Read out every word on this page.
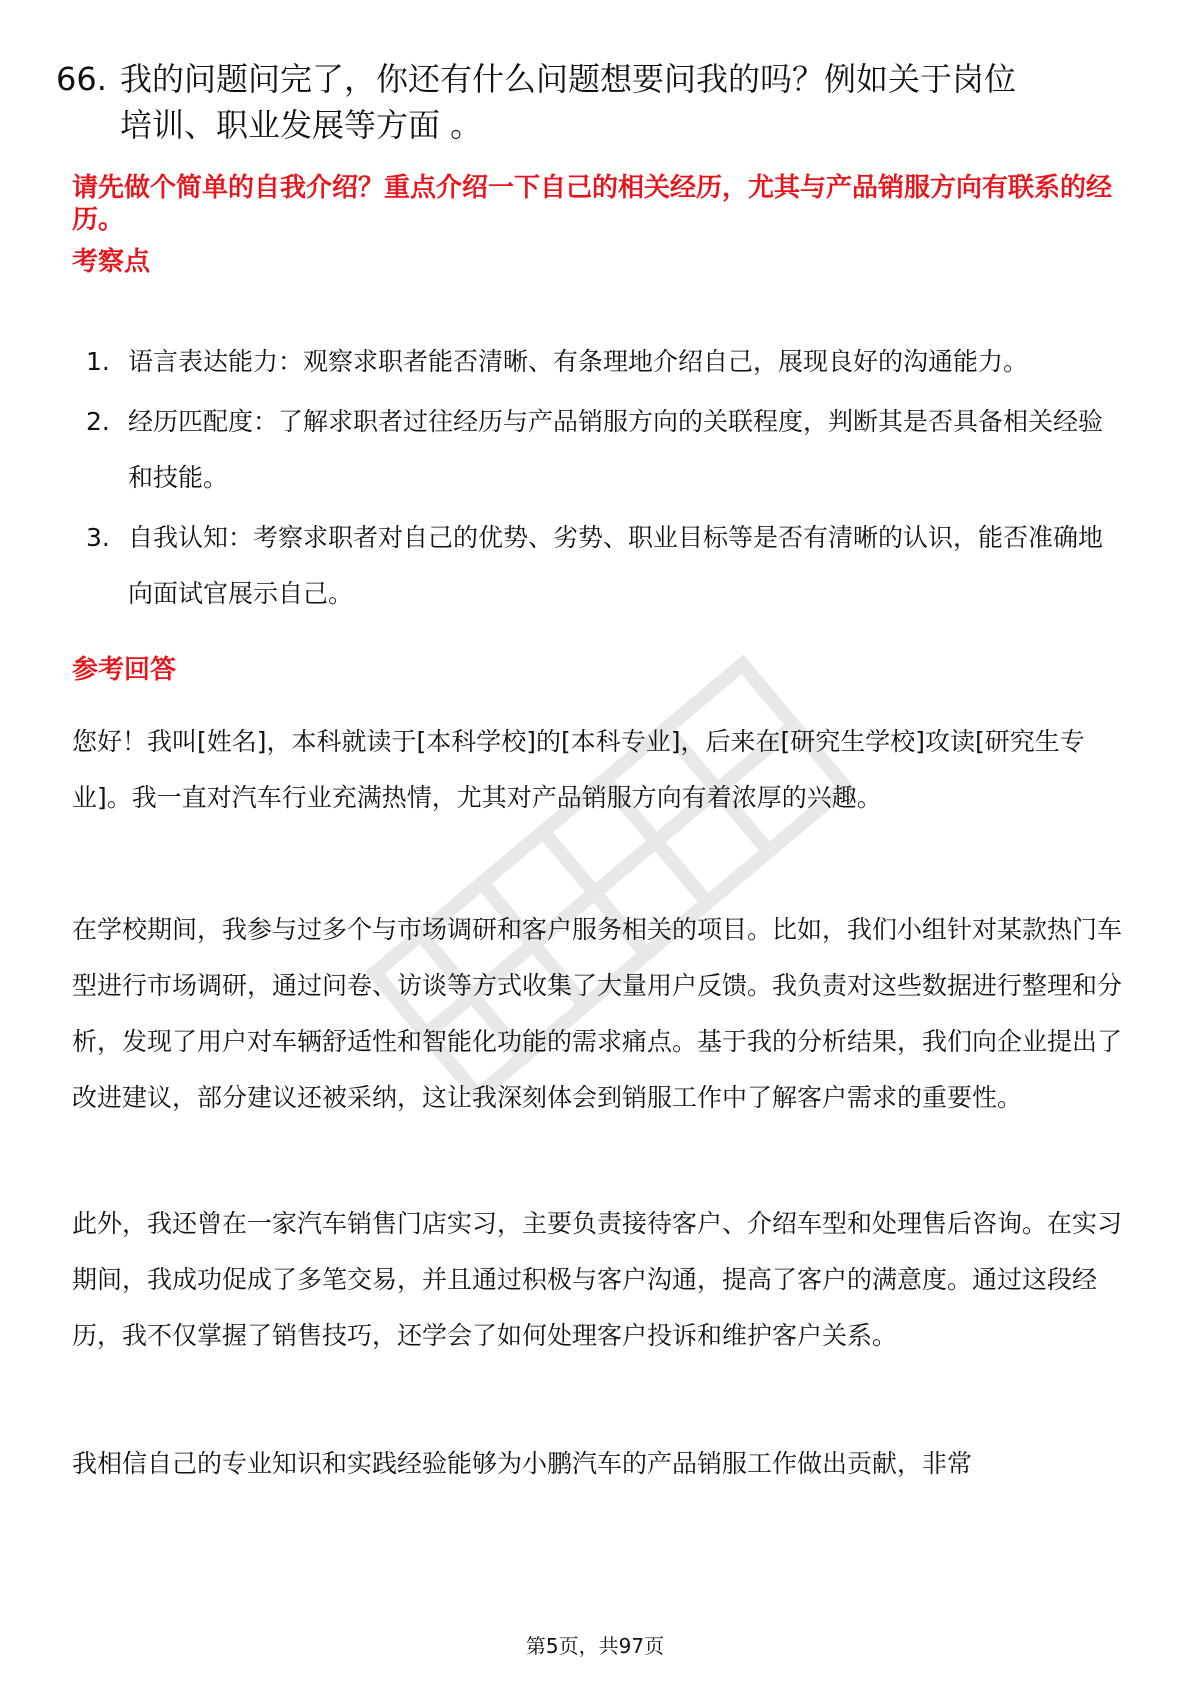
66. 我的问题问完了，你还有什么问题想要问我的吗？例如关于岗位
培训、职业发展等方面 。
请先做个简单的自我介绍？重点介绍一下自己的相关经历，尤其与产品销服方向有联系的经历。
考察点
1. 语言表达能力：观察求职者能否清晰、有条理地介绍自己，展现良好的沟通能力。
2. 经历匹配度：了解求职者过往经历与产品销服方向的关联程度，判断其是否具备相关经验和技能。
3. 自我认知：考察求职者对自己的优势、劣势、职业目标等是否有清晰的认识，能否准确地向面试官展示自己。
参考回答

您好！我叫[姓名]，本科就读于[本科学校]的[本科专业]，后来在[研究生学校]攻读[研究生专业]。我一直对汽车行业充满热情，尤其对产品销服方向有着浓厚的兴趣。

在学校期间，我参与过多个与市场调研和客户服务相关的项目。比如，我们小组针对某款热门车型进行市场调研，通过问卷、访谈等方式收集了大量用户反馈。我负责对这些数据进行整理和分析，发现了用户对车辆舒适性和智能化功能的需求痛点。基于我的分析结果，我们向企业提出了改进建议，部分建议还被采纳，这让我深刻体会到销服工作中了解客户需求的重要性。

此外，我还曾在一家汽车销售门店实习，主要负责接待客户、介绍车型和处理售后咨询。在实习期间，我成功促成了多笔交易，并且通过积极与客户沟通，提高了客户的满意度。通过这段经历，我不仅掌握了销售技巧，还学会了如何处理客户投诉和维护客户关系。

我相信自己的专业知识和实践经验能够为小鹏汽车的产品销服工作做出贡献，非常

第5页，共97页
